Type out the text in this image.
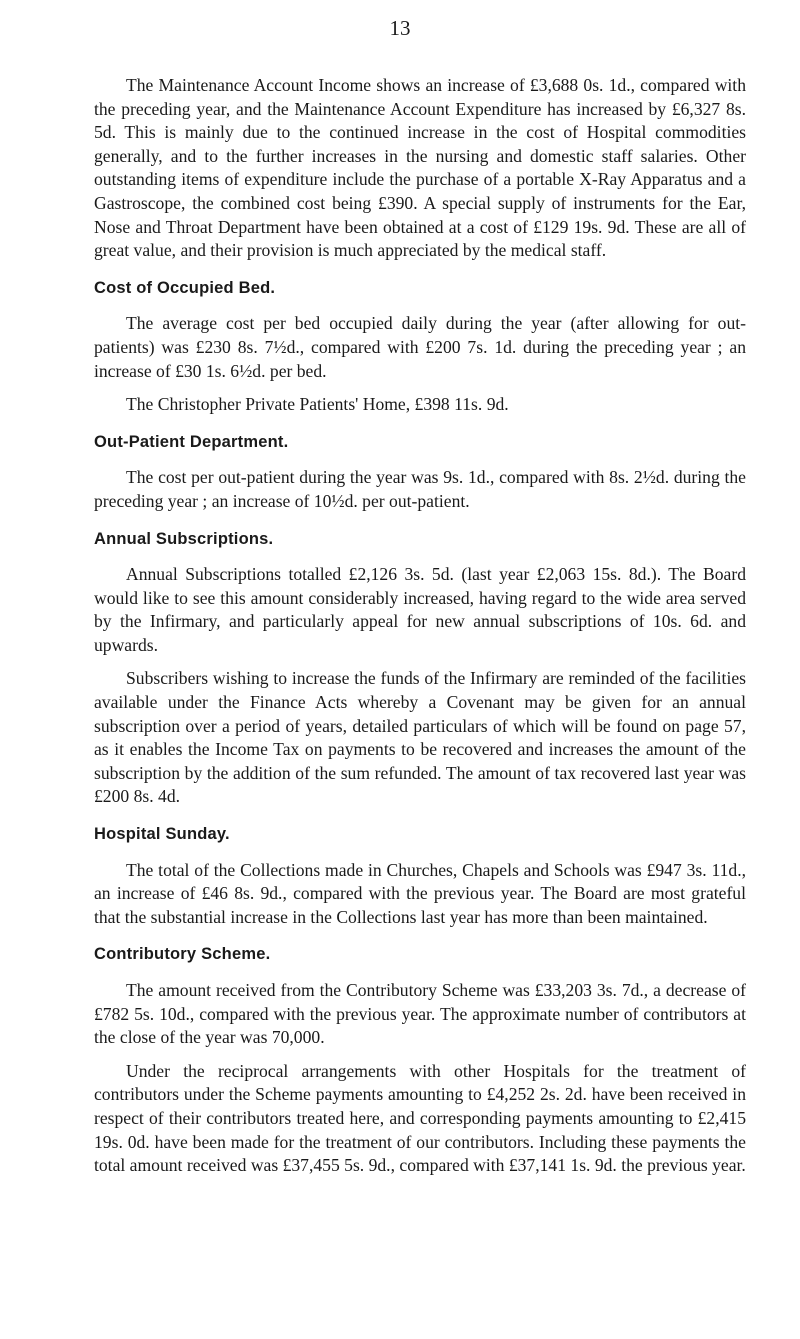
13

The Maintenance Account Income shows an increase of £3,688 0s. 1d., compared with the preceding year, and the Maintenance Account Expenditure has increased by £6,327 8s. 5d. This is mainly due to the continued increase in the cost of Hospital commodities generally, and to the further increases in the nursing and domestic staff salaries. Other outstanding items of expenditure include the purchase of a portable X-Ray Apparatus and a Gastroscope, the combined cost being £390. A special supply of instruments for the Ear, Nose and Throat Department have been obtained at a cost of £129 19s. 9d. These are all of great value, and their provision is much appreciated by the medical staff.

Cost of Occupied Bed.

The average cost per bed occupied daily during the year (after allowing for out-patients) was £230 8s. 7½d., compared with £200 7s. 1d. during the preceding year ; an increase of £30 1s. 6½d. per bed.

The Christopher Private Patients' Home, £398 11s. 9d.

Out-Patient Department.

The cost per out-patient during the year was 9s. 1d., compared with 8s. 2½d. during the preceding year ; an increase of 10½d. per out-patient.

Annual Subscriptions.

Annual Subscriptions totalled £2,126 3s. 5d. (last year £2,063 15s. 8d.). The Board would like to see this amount considerably increased, having regard to the wide area served by the Infirmary, and particularly appeal for new annual subscriptions of 10s. 6d. and upwards.

Subscribers wishing to increase the funds of the Infirmary are reminded of the facilities available under the Finance Acts whereby a Covenant may be given for an annual subscription over a period of years, detailed particulars of which will be found on page 57, as it enables the Income Tax on payments to be recovered and increases the amount of the subscription by the addition of the sum refunded. The amount of tax recovered last year was £200 8s. 4d.

Hospital Sunday.

The total of the Collections made in Churches, Chapels and Schools was £947 3s. 11d., an increase of £46 8s. 9d., compared with the previous year. The Board are most grateful that the substantial increase in the Collections last year has more than been maintained.

Contributory Scheme.

The amount received from the Contributory Scheme was £33,203 3s. 7d., a decrease of £782 5s. 10d., compared with the previous year. The approximate number of contributors at the close of the year was 70,000.

Under the reciprocal arrangements with other Hospitals for the treatment of contributors under the Scheme payments amounting to £4,252 2s. 2d. have been received in respect of their contributors treated here, and corresponding payments amounting to £2,415 19s. 0d. have been made for the treatment of our contributors. Including these payments the total amount received was £37,455 5s. 9d., compared with £37,141 1s. 9d. the previous year.
